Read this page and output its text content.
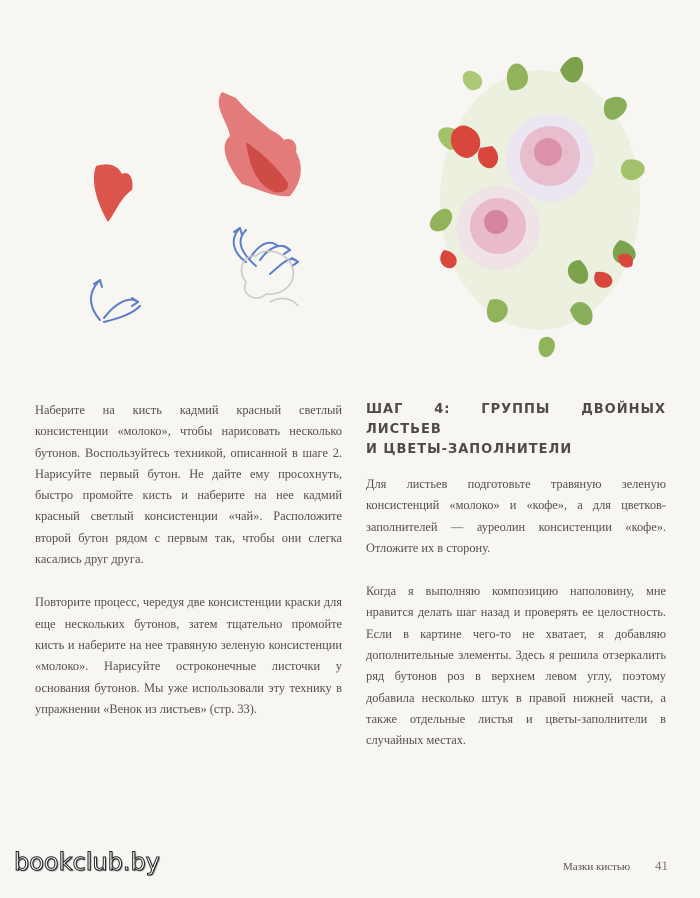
Наберите на кисть кадмий красный светлый консистенции «молоко», чтобы нарисовать несколько бутонов. Воспользуйтесь техникой, описанной в шаге 2. Нарисуйте первый бутон. Не дайте ему просохнуть, быстро промойте кисть и наберите на нее кадмий красный светлый консистенции «чай». Расположите второй бутон рядом с первым так, чтобы они слегка касались друг друга.

Повторите процесс, чередуя две консистенции краски для еще нескольких бутонов, затем тщательно промойте кисть и наберите на нее травяную зеленую консистенции «молоко». Нарисуйте остроконечные листочки у основания бутонов. Мы уже использовали эту технику в упражнении «Венок из листьев» (стр. 33).

ШАГ 4: ГРУППЫ ДВОЙНЫХ ЛИСТЬЕВ
И ЦВЕТЫ-ЗАПОЛНИТЕЛИ

Для листьев подготовьте травяную зеленую консистенций «молоко» и «кофе», а для цветков-заполнителей — ауреолин консистенции «кофе». Отложите их в сторону.

Когда я выполняю композицию наполовину, мне нравится делать шаг назад и проверять ее целостность. Если в картине чего-то не хватает, я добавляю дополнительные элементы. Здесь я решила отзеркалить ряд бутонов роз в верхнем левом углу, поэтому добавила несколько штук в правой нижней части, а также отдельные листья и цветы-заполнители в случайных местах.

bookclub.by	Мазки кистью 41
